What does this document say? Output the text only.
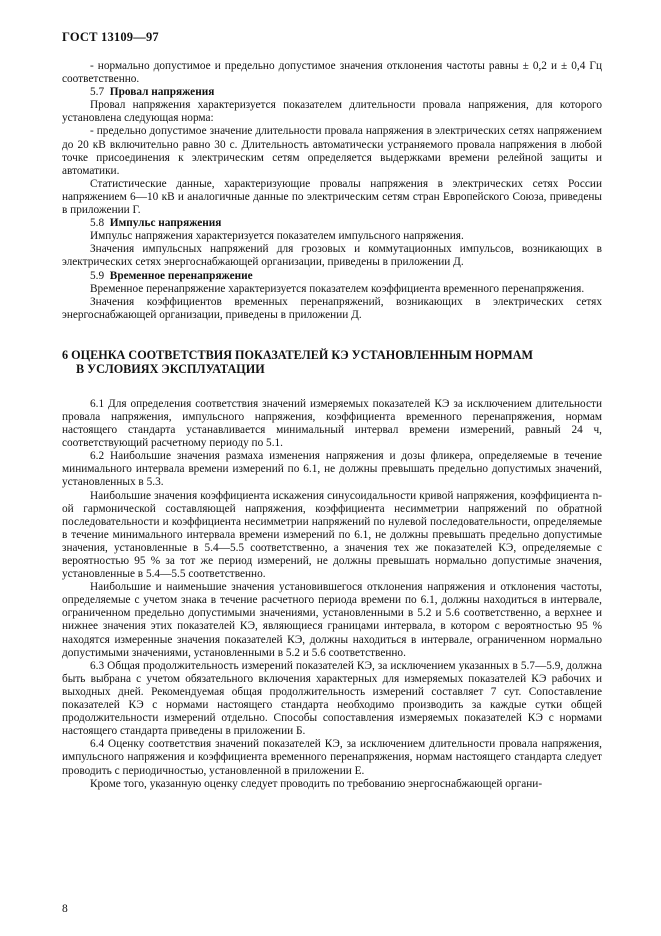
ГОСТ 13109—97

- нормально допустимое и предельно допустимое значения отклонения частоты равны ± 0,2 и ± 0,4 Гц соответственно.

5.7 Провал напряжения

Провал напряжения характеризуется показателем длительности провала напряжения, для которого установлена следующая норма:

- предельно допустимое значение длительности провала напряжения в электрических сетях напряжением до 20 кВ включительно равно 30 с. Длительность автоматически устраняемого провала напряжения в любой точке присоединения к электрическим сетям определяется выдержками времени релейной защиты и автоматики.

Статистические данные, характеризующие провалы напряжения в электрических сетях России напряжением 6—10 кВ и аналогичные данные по электрическим сетям стран Европейского Союза, приведены в приложении Г.

5.8 Импульс напряжения

Импульс напряжения характеризуется показателем импульсного напряжения.

Значения импульсных напряжений для грозовых и коммутационных импульсов, возникающих в электрических сетях энергоснабжающей организации, приведены в приложении Д.

5.9 Временное перенапряжение

Временное перенапряжение характеризуется показателем коэффициента временного перенапряжения.

Значения коэффициентов временных перенапряжений, возникающих в электрических сетях энергоснабжающей организации, приведены в приложении Д.

6 ОЦЕНКА СООТВЕТСТВИЯ ПОКАЗАТЕЛЕЙ КЭ УСТАНОВЛЕННЫМ НОРМАМ
В УСЛОВИЯХ ЭКСПЛУАТАЦИИ

6.1 Для определения соответствия значений измеряемых показателей КЭ за исключением длительности провала напряжения, импульсного напряжения, коэффициента временного перенапряжения, нормам настоящего стандарта устанавливается минимальный интервал времени измерений, равный 24 ч, соответствующий расчетному периоду по 5.1.

6.2 Наибольшие значения размаха изменения напряжения и дозы фликера, определяемые в течение минимального интервала времени измерений по 6.1, не должны превышать предельно допустимых значений, установленных в 5.3.

Наибольшие значения коэффициента искажения синусоидальности кривой напряжения, коэффициента n-ой гармонической составляющей напряжения, коэффициента несимметрии напряжений по обратной последовательности и коэффициента несимметрии напряжений по нулевой последовательности, определяемые в течение минимального интервала времени измерений по 6.1, не должны превышать предельно допустимые значения, установленные в 5.4—5.5 соответственно, а значения тех же показателей КЭ, определяемые с вероятностью 95 % за тот же период измерений, не должны превышать нормально допустимые значения, установленные в 5.4—5.5 соответственно.

Наибольшие и наименьшие значения установившегося отклонения напряжения и отклонения частоты, определяемые с учетом знака в течение расчетного периода времени по 6.1, должны находиться в интервале, ограниченном предельно допустимыми значениями, установленными в 5.2 и 5.6 соответственно, а верхнее и нижнее значения этих показателей КЭ, являющиеся границами интервала, в котором с вероятностью 95 % находятся измеренные значения показателей КЭ, должны находиться в интервале, ограниченном нормально допустимыми значениями, установленными в 5.2 и 5.6 соответственно.

6.3 Общая продолжительность измерений показателей КЭ, за исключением указанных в 5.7—5.9, должна быть выбрана с учетом обязательного включения характерных для измеряемых показателей КЭ рабочих и выходных дней. Рекомендуемая общая продолжительность измерений составляет 7 сут. Сопоставление показателей КЭ с нормами настоящего стандарта необходимо производить за каждые сутки общей продолжительности измерений отдельно. Способы сопоставления измеряемых показателей КЭ с нормами настоящего стандарта приведены в приложении Б.

6.4 Оценку соответствия значений показателей КЭ, за исключением длительности провала напряжения, импульсного напряжения и коэффициента временного перенапряжения, нормам настоящего стандарта следует проводить с периодичностью, установленной в приложении Е.

Кроме того, указанную оценку следует проводить по требованию энергоснабжающей органи-

8
